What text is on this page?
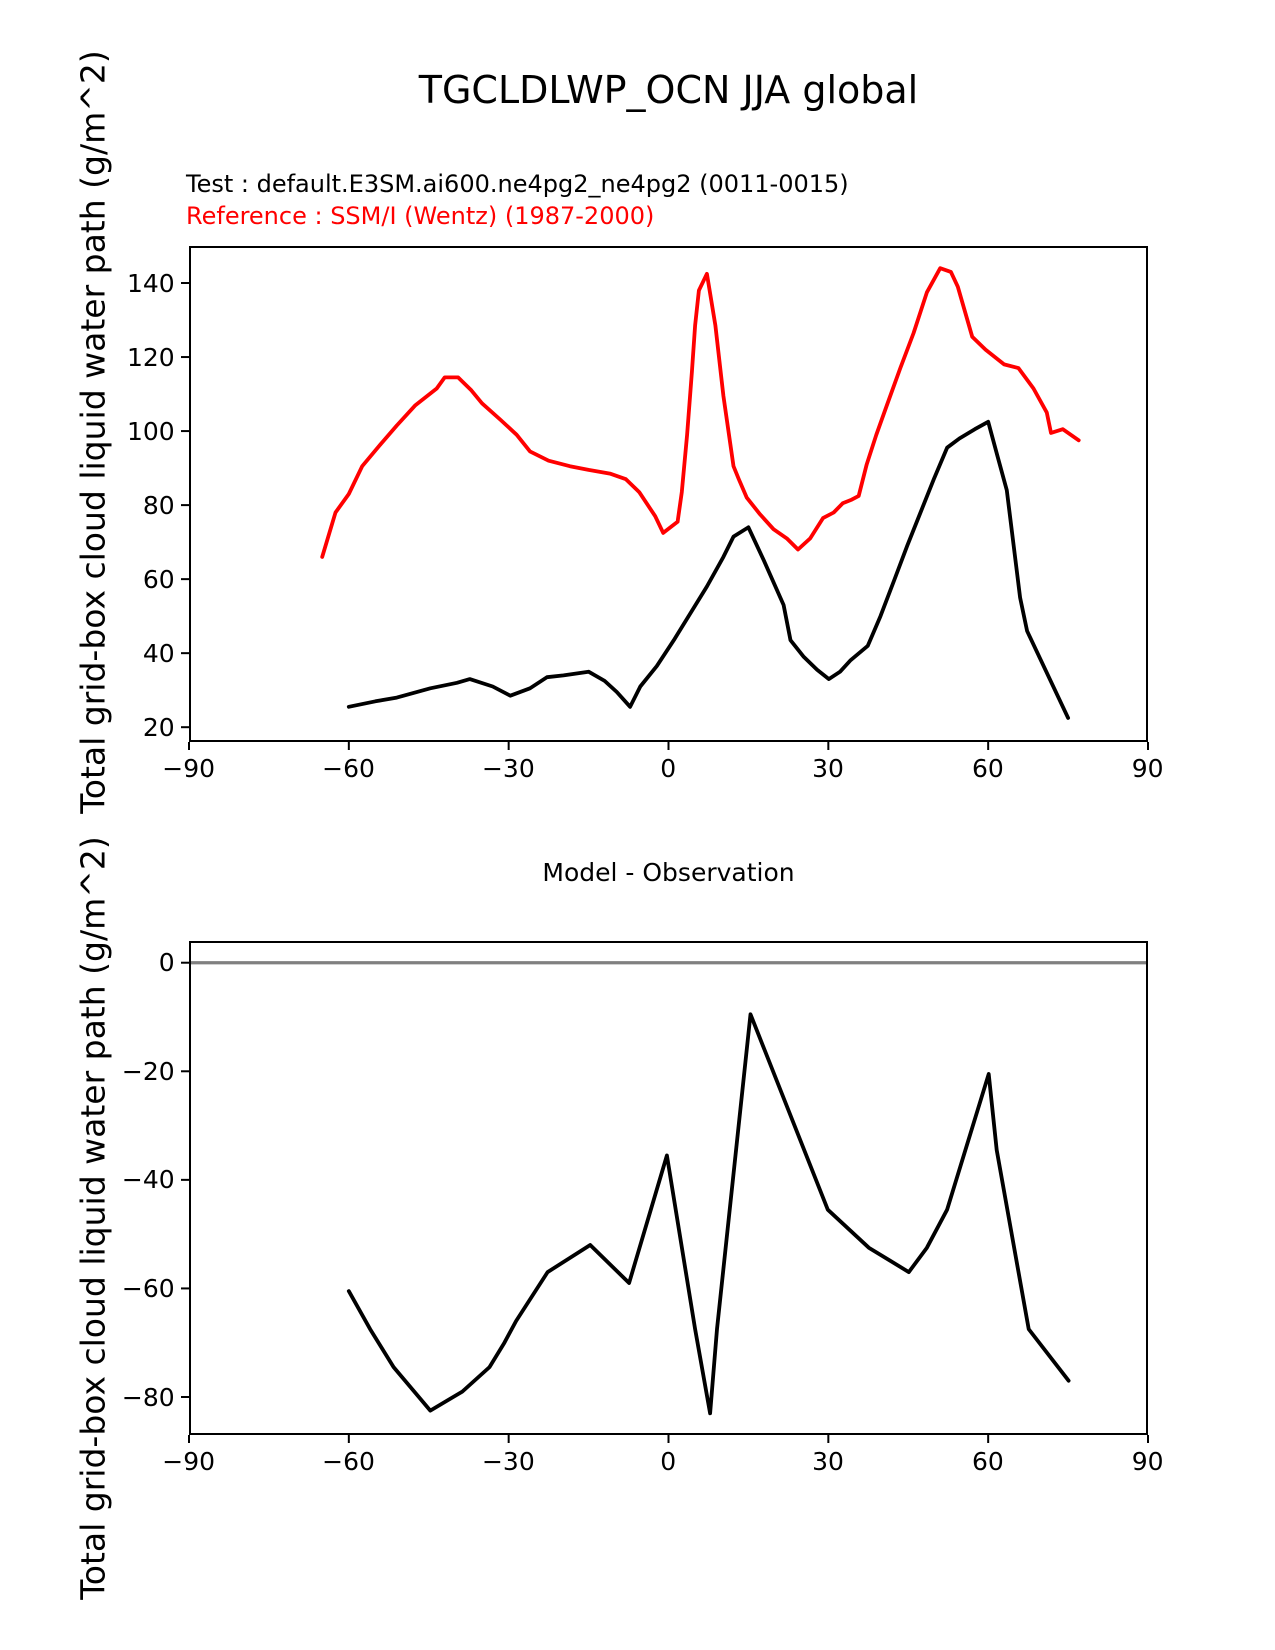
Total grid-box cloud liquid water path (g/m^2)
Total grid-box cloud liquid water path (g/m^2)
TGCLDLWP_OCN JJA global
Test : default.E3SM.ai600.ne4pg2_ne4pg2 (0011-0015)
Reference : SSM/I (Wentz) (1987-2000)
Model - Observation
−90	−60	−30	0	30	60	90
20
40
60
80
100
120
140
−90	−60	−30	0	30	60	90
0
−20
−40
−60
−80
